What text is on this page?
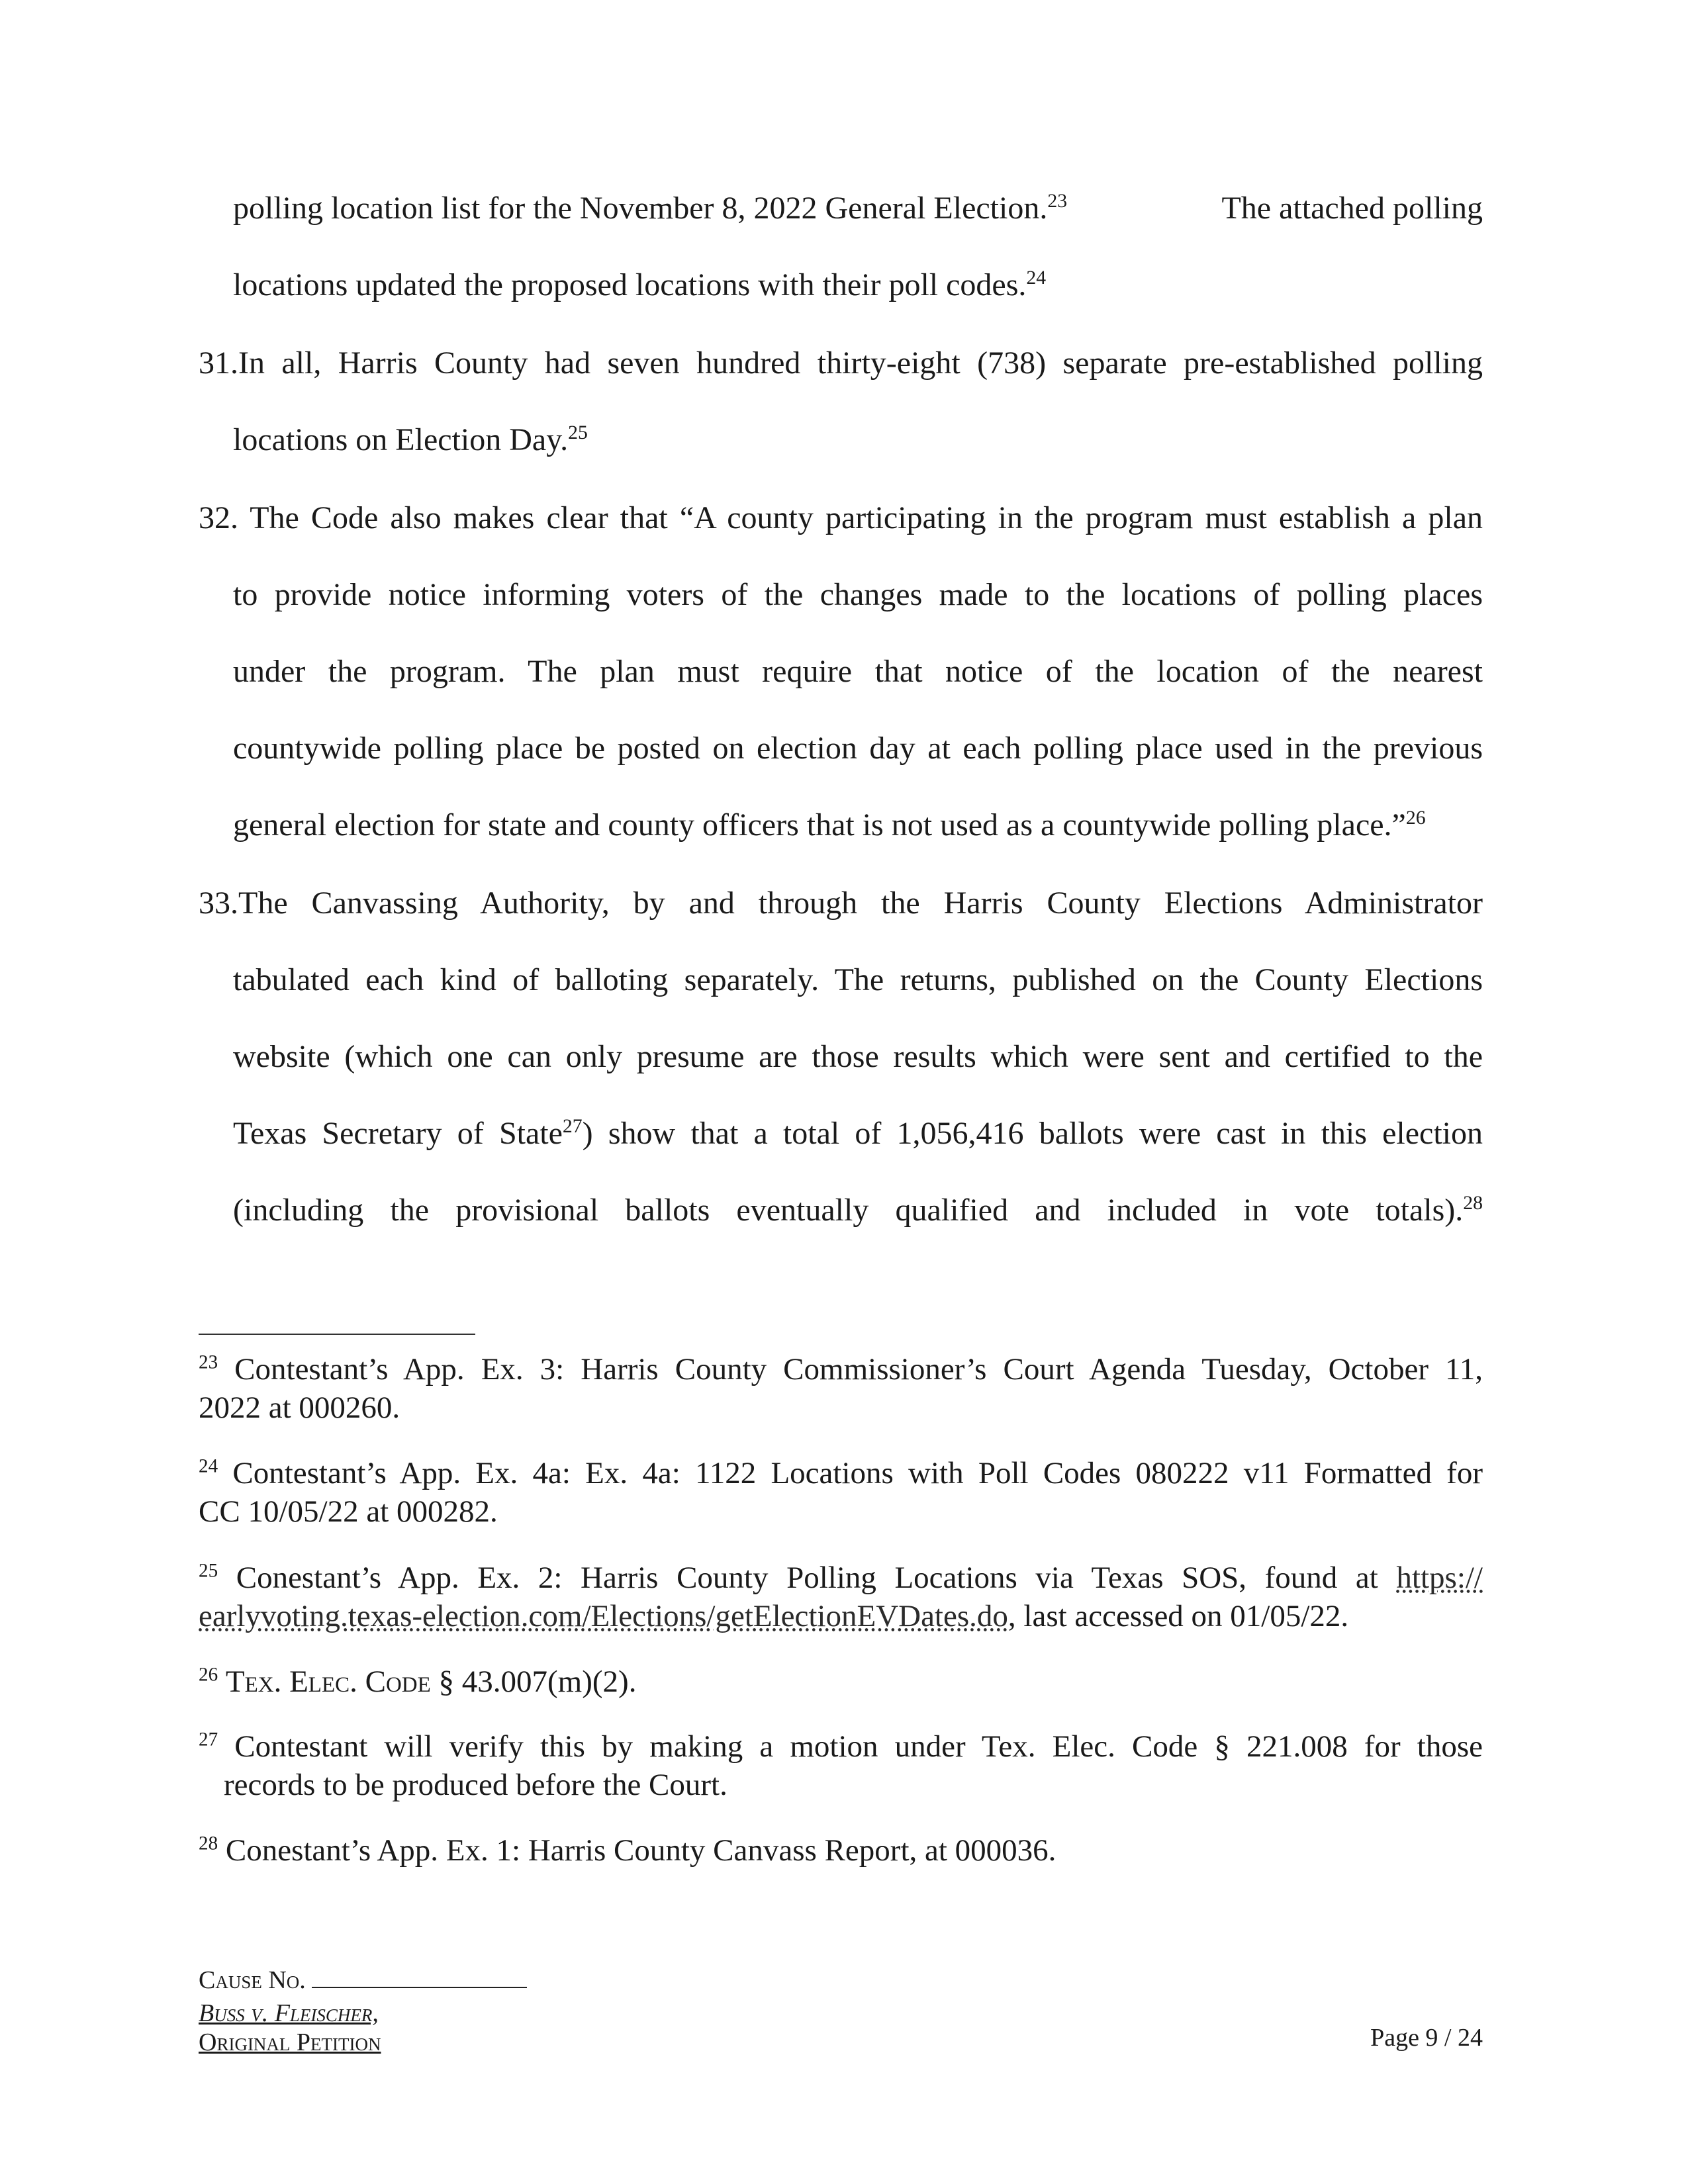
polling location list for the November 8, 2022 General Election.$^{23}$	The attached polling
locations updated the proposed locations with their poll codes.$^{24}$
31.In all, Harris County had seven hundred thirty-eight (738) separate pre-established polling
locations on Election Day.$^{25}$
32. The Code also makes clear that “A county participating in the program must establish a plan
to provide notice informing voters of the changes made to the locations of polling places
under the program. The plan must require that notice of the location of the nearest
countywide polling place be posted on election day at each polling place used in the previous
general election for state and county officers that is not used as a countywide polling place.”$^{26}$
33.The Canvassing Authority, by and through the Harris County Elections Administrator
tabulated each kind of balloting separately. The returns, published on the County Elections
website (which one can only presume are those results which were sent and certified to the
Texas Secretary of State$^{27}$) show that a total of 1,056,416 ballots were cast in this election
(including the provisional ballots eventually qualified and included in vote totals).$^{28}$
$^{23}$ Contestant’s App. Ex. 3: Harris County Commissioner’s Court Agenda Tuesday, October 11,
2022 at 000260.
$^{24}$ Contestant’s App. Ex. 4a: Ex. 4a: 1122 Locations with Poll Codes 080222 v11 Formatted for
CC 10/05/22 at 000282.
$^{25}$ Conestant’s App. Ex. 2: Harris County Polling Locations via Texas SOS, found at https://
earlyvoting.texas-election.com/Elections/getElectionEVDates.do, last accessed on 01/05/22.
$^{26}$ Tex. Elec. Code § 43.007(m)(2).
$^{27}$ Contestant will verify this by making a motion under Tex. Elec. Code § 221.008 for those
records to be produced before the Court.
$^{28}$ Conestant’s App. Ex. 1: Harris County Canvass Report, at 000036.
Cause No.
Buss v. Fleischer,
Original Petition	Page 9 / 24
